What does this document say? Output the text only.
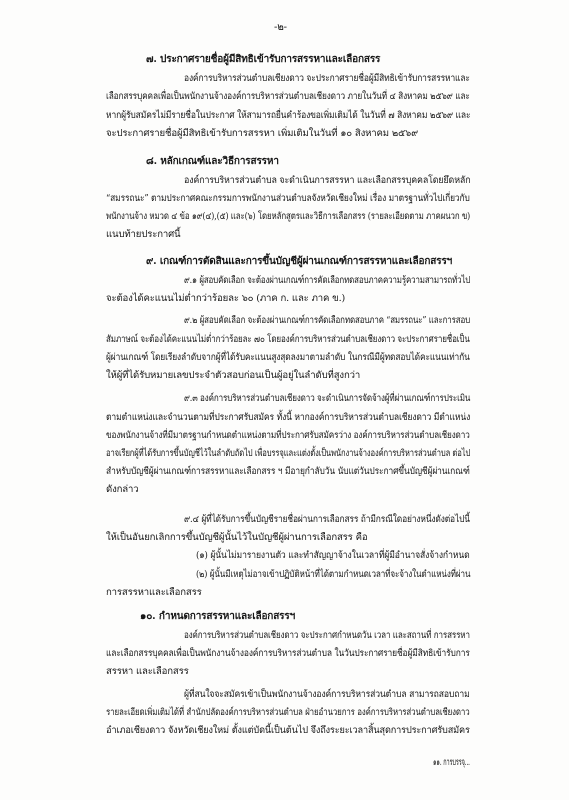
-๒-
๗. ประกาศรายชื่อผู้มีสิทธิเข้ารับการสรรหาและเลือกสรร
องค์การบริหารส่วนตำบลเชียงดาว จะประกาศรายชื่อผู้มีสิทธิเข้ารับการสรรหาและ
เลือกสรรบุคคลเพื่อเป็นพนักงานจ้างองค์การบริหารส่วนตำบลเชียงดาว ภายในวันที่ ๔ สิงหาคม ๒๕๖๙ และ
หากผู้รับสมัครไม่มีรายชื่อในประกาศ ให้สามารถยื่นคำร้องขอเพิ่มเติมได้ ในวันที่ ๗ สิงหาคม ๒๕๖๙ และ
จะประกาศรายชื่อผู้มีสิทธิเข้ารับการสรรหา เพิ่มเติมในวันที่ ๑๐ สิงหาคม ๒๕๖๙
๘. หลักเกณฑ์และวิธีการสรรหา
องค์การบริหารส่วนตำบล จะดำเนินการสรรหา และเลือกสรรบุคคลโดยยึดหลัก
“สมรรถนะ” ตามประกาศคณะกรรมการพนักงานส่วนตำบลจังหวัดเชียงใหม่ เรื่อง มาตรฐานทั่วไปเกี่ยวกับ
พนักงานจ้าง หมวด ๔ ข้อ ๑๙(๔),(๕) และ(๖) โดยหลักสูตรและวิธีการเลือกสรร (รายละเอียดตาม ภาคผนวก ข)
แนบท้ายประกาศนี้
๙. เกณฑ์การตัดสินและการขึ้นบัญชีผู้ผ่านเกณฑ์การสรรหาและเลือกสรรฯ
๙.๑ ผู้สอบคัดเลือก จะต้องผ่านเกณฑ์การคัดเลือกทดสอบภาคความรู้ความสามารถทั่วไป
จะต้องได้คะแนนไม่ต่ำกว่าร้อยละ ๖๐ (ภาค ก. และ ภาค ข.)
๙.๒ ผู้สอบคัดเลือก จะต้องผ่านเกณฑ์การคัดเลือกทดสอบภาค “สมรรถนะ” และการสอบ
สัมภาษณ์ จะต้องได้คะแนนไม่ต่ำกว่าร้อยละ ๗๐ โดยองค์การบริหารส่วนตำบลเชียงดาว จะประกาศรายชื่อเป็น
ผู้ผ่านเกณฑ์ โดยเรียงลำดับจากผู้ที่ได้รับคะแนนสูงสุดลงมาตามลำดับ ในกรณีมีผู้ทดสอบได้คะแนนเท่ากัน
ให้ผู้ที่ได้รับหมายเลขประจำตัวสอบก่อนเป็นผู้อยู่ในลำดับที่สูงกว่า
๙.๓ องค์การบริหารส่วนตำบลเชียงดาว จะดำเนินการจัดจ้างผู้ที่ผ่านเกณฑ์การประเมิน
ตามตำแหน่งและจำนวนตามที่ประกาศรับสมัคร ทั้งนี้ หากองค์การบริหารส่วนตำบลเชียงดาว มีตำแหน่ง
ของพนักงานจ้างที่มีมาตรฐานกำหนดตำแหน่งตามที่ประกาศรับสมัครว่าง องค์การบริหารส่วนตำบลเชียงดาว
อาจเรียกผู้ที่ได้รับการขึ้นบัญชีไว้ในลำดับถัดไป เพื่อบรรจุและแต่งตั้งเป็นพนักงานจ้างองค์การบริหารส่วนตำบล ต่อไป
สำหรับบัญชีผู้ผ่านเกณฑ์การสรรหาและเลือกสรร ฯ มีอายุกำลับวัน นับแต่วันประกาศขึ้นบัญชีผู้ผ่านเกณฑ์
ดังกล่าว
๙.๔ ผู้ที่ได้รับการขึ้นบัญชีรายชื่อผ่านการเลือกสรร ถ้ามีกรณีใดอย่างหนึ่งดังต่อไปนี้
ให้เป็นอันยกเลิกการขึ้นบัญชีผู้นั้นไว้ในบัญชีผู้ผ่านการเลือกสรร คือ
(๑) ผู้นั้นไม่มารายงานตัว และทำสัญญาจ้างในเวลาที่ผู้มีอำนาจสั่งจ้างกำหนด
(๒) ผู้นั้นมีเหตุไม่อาจเข้าปฏิบัติหน้าที่ได้ตามกำหนดเวลาที่จะจ้างในตำแหน่งที่ผ่าน
การสรรหาและเลือกสรร
๑๐. กำหนดการสรรหาและเลือกสรรฯ
องค์การบริหารส่วนตำบลเชียงดาว จะประกาศกำหนดวัน เวลา และสถานที่ การสรรหา
และเลือกสรรบุคคลเพื่อเป็นพนักงานจ้างองค์การบริหารส่วนตำบล ในวันประกาศรายชื่อผู้มีสิทธิเข้ารับการ
สรรหา และเลือกสรร
ผู้ที่สนใจจะสมัครเข้าเป็นพนักงานจ้างองค์การบริหารส่วนตำบล สามารถสอบถาม
รายละเอียดเพิ่มเติมได้ที่ สำนักปลัดองค์การบริหารส่วนตำบล ฝ่ายอำนวยการ องค์การบริหารส่วนตำบลเชียงดาว
อำเภอเชียงดาว จังหวัดเชียงใหม่ ตั้งแต่บัดนี้เป็นต้นไป จึงถึงระยะเวลาสิ้นสุดการประกาศรับสมัคร
๑๑. การบรรจุ...
